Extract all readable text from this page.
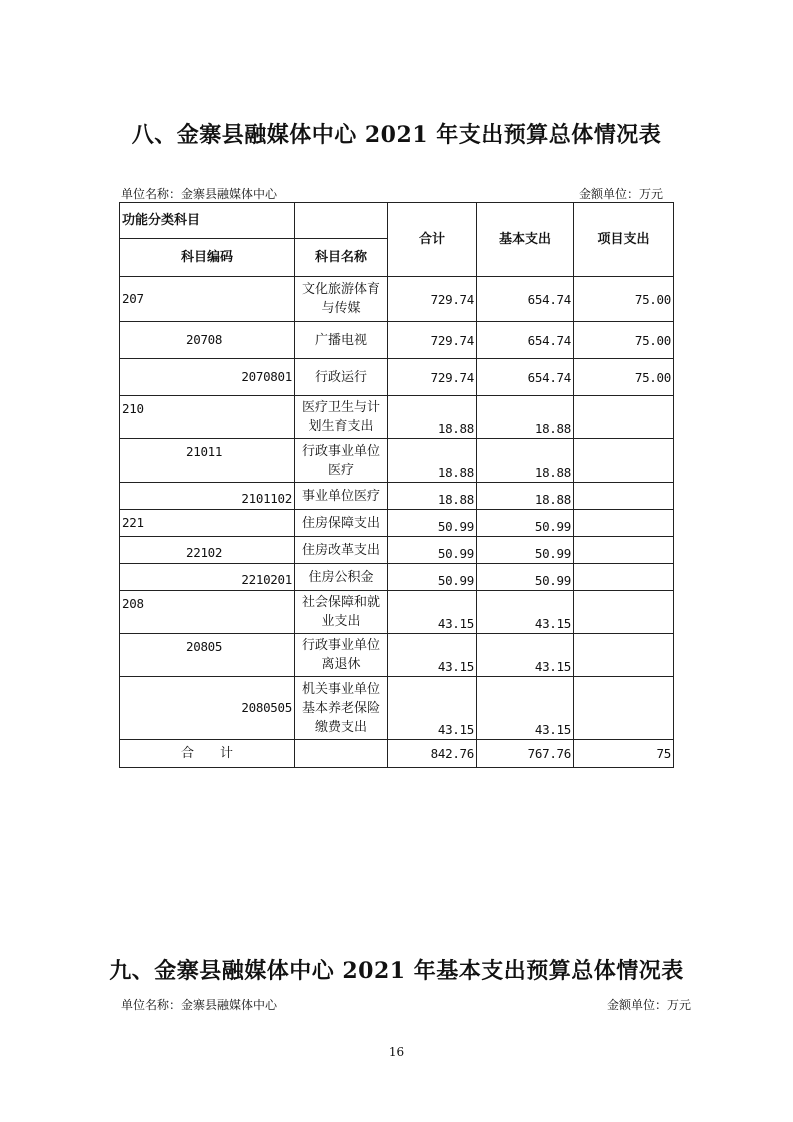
八、金寨县融媒体中心 2021 年支出预算总体情况表
单位名称：金寨县融媒体中心	金额单位：万元
功能分类科目		合计	基本支出	项目支出
科目编码	科目名称			
207	文化旅游体育与传媒	729.74	654.74	75.00
20708	广播电视	729.74	654.74	75.00
2070801	行政运行	729.74	654.74	75.00
210	医疗卫生与计划生育支出	18.88	18.88	
21011	行政事业单位医疗	18.88	18.88	
2101102	事业单位医疗	18.88	18.88	
221	住房保障支出	50.99	50.99	
22102	住房改革支出	50.99	50.99	
2210201	住房公积金	50.99	50.99	
208	社会保障和就业支出	43.15	43.15	
20805	行政事业单位离退休	43.15	43.15	
2080505	机关事业单位基本养老保险缴费支出	43.15	43.15	
合　　计		842.76	767.76	75
九、金寨县融媒体中心 2021 年基本支出预算总体情况表
单位名称：金寨县融媒体中心	金额单位：万元
16
